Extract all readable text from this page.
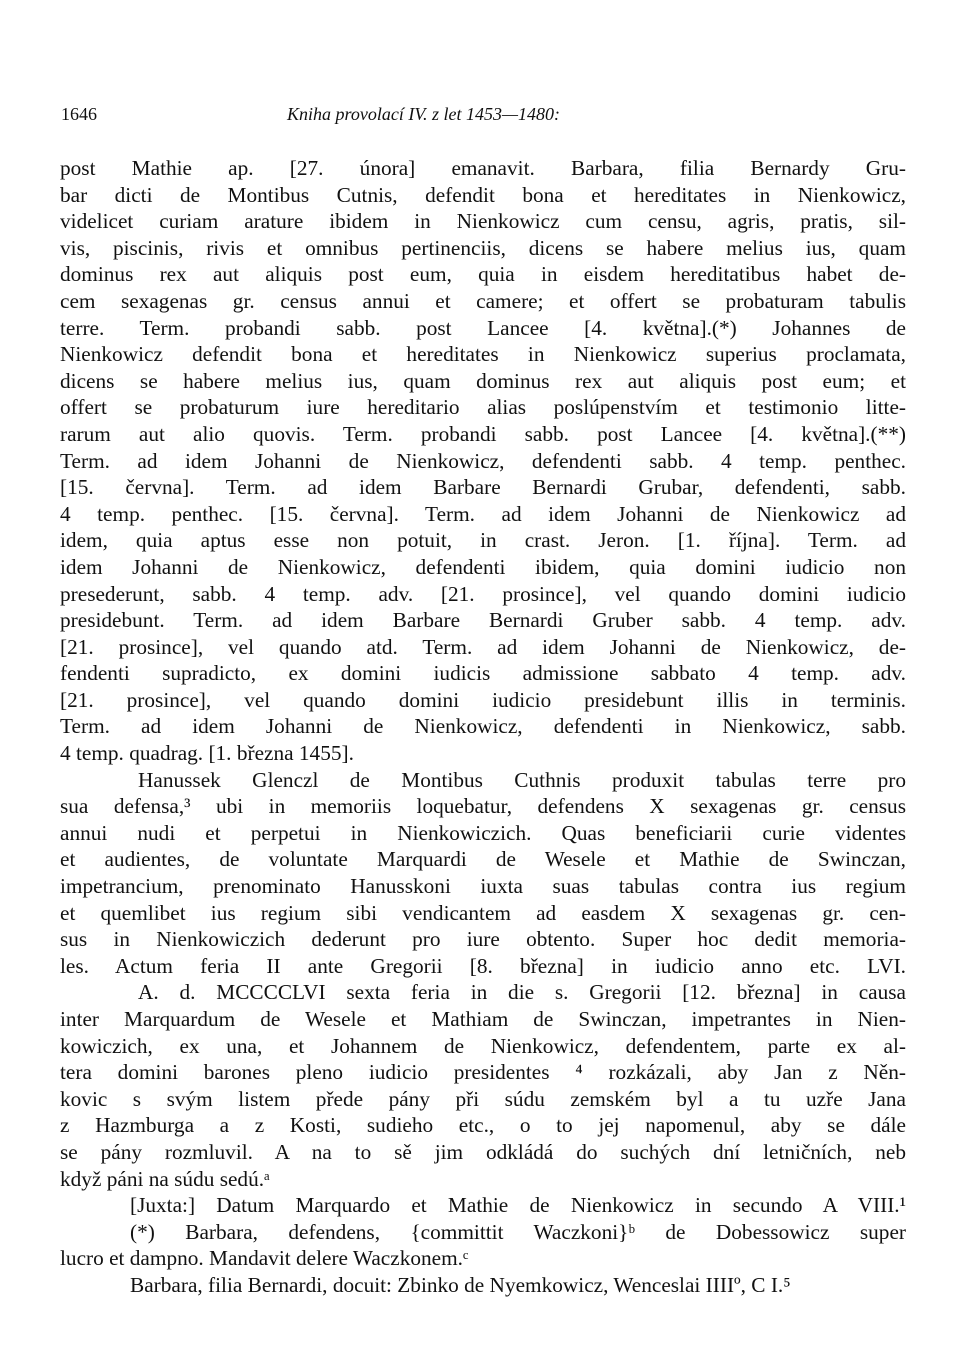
1646	Kniha provolací IV. z let 1453—1480:
post Mathie ap. [27. února] emanavit. Barbara, filia Bernardy Gru-
bar dicti de Montibus Cutnis, defendit bona et hereditates in Nienkowicz,
videlicet curiam arature ibidem in Nienkowicz cum censu, agris, pratis, sil-
vis, piscinis, rivis et omnibus pertinenciis, dicens se habere melius ius, quam
dominus rex aut aliquis post eum, quia in eisdem hereditatibus habet de-
cem sexagenas gr. census annui et camere; et offert se probaturam tabulis
terre. Term. probandi sabb. post Lancee [4. května].(*) Johannes de
Nienkowicz defendit bona et hereditates in Nienkowicz superius proclamata,
dicens se habere melius ius, quam dominus rex aut aliquis post eum; et
offert se probaturum iure hereditario alias poslúpenstvím et testimonio litte-
rarum aut alio quovis. Term. probandi sabb. post Lancee [4. května].(**)
Term. ad idem Johanni de Nienkowicz, defendenti sabb. 4 temp. penthec.
[15. června]. Term. ad idem Barbare Bernardi Grubar, defendenti, sabb.
4 temp. penthec. [15. června]. Term. ad idem Johanni de Nienkowicz ad
idem, quia aptus esse non potuit, in crast. Jeron. [1. října]. Term. ad
idem Johanni de Nienkowicz, defendenti ibidem, quia domini iudicio non
presederunt, sabb. 4 temp. adv. [21. prosince], vel quando domini iudicio
presidebunt. Term. ad idem Barbare Bernardi Gruber sabb. 4 temp. adv.
[21. prosince], vel quando atd. Term. ad idem Johanni de Nienkowicz, de-
fendenti supradicto, ex domini iudicis admissione sabbato 4 temp. adv.
[21. prosince], vel quando domini iudicio presidebunt illis in terminis.
Term. ad idem Johanni de Nienkowicz, defendenti in Nienkowicz, sabb.
4 temp. quadrag. [1. března 1455].
Hanussek Glenczl de Montibus Cuthnis produxit tabulas terre pro
sua defensa,³ ubi in memoriis loquebatur, defendens X sexagenas gr. census
annui nudi et perpetui in Nienkowiczich. Quas beneficiarii curie videntes
et audientes, de voluntate Marquardi de Wesele et Mathie de Swinczan,
impetrancium, prenominato Hanusskoni iuxta suas tabulas contra ius regium
et quemlibet ius regium sibi vendicantem ad easdem X sexagenas gr. cen-
sus in Nienkowiczich dederunt pro iure obtento. Super hoc dedit memoria-
les. Actum feria II ante Gregorii [8. března] in iudicio anno etc. LVI.
A. d. MCCCCLVI sexta feria in die s. Gregorii [12. března] in causa
inter Marquardum de Wesele et Mathiam de Swinczan, impetrantes in Nien-
kowiczich, ex una, et Johannem de Nienkowicz, defendentem, parte ex al-
tera domini barones pleno iudicio presidentes ⁴ rozkázali, aby Jan z Něn-
kovic s svým listem přede pány při súdu zemském byl a tu uzře Jana
z Hazmburga a z Kosti, sudieho etc., o to jej napomenul, aby se dále
se pány rozmluvil. A na to sě jim odkládá do suchých dní letničních, neb
když páni na súdu sedú.ᵃ
[Juxta:] Datum Marquardo et Mathie de Nienkowicz in secundo A VIII.¹
(*) Barbara, defendens, {committit Waczkoni}ᵇ de Dobessowicz super
lucro et dampno. Mandavit delere Waczkonem.ᶜ
Barbara, filia Bernardi, docuit: Zbinko de Nyemkowicz, Wenceslai IIIIº, C I.⁵
